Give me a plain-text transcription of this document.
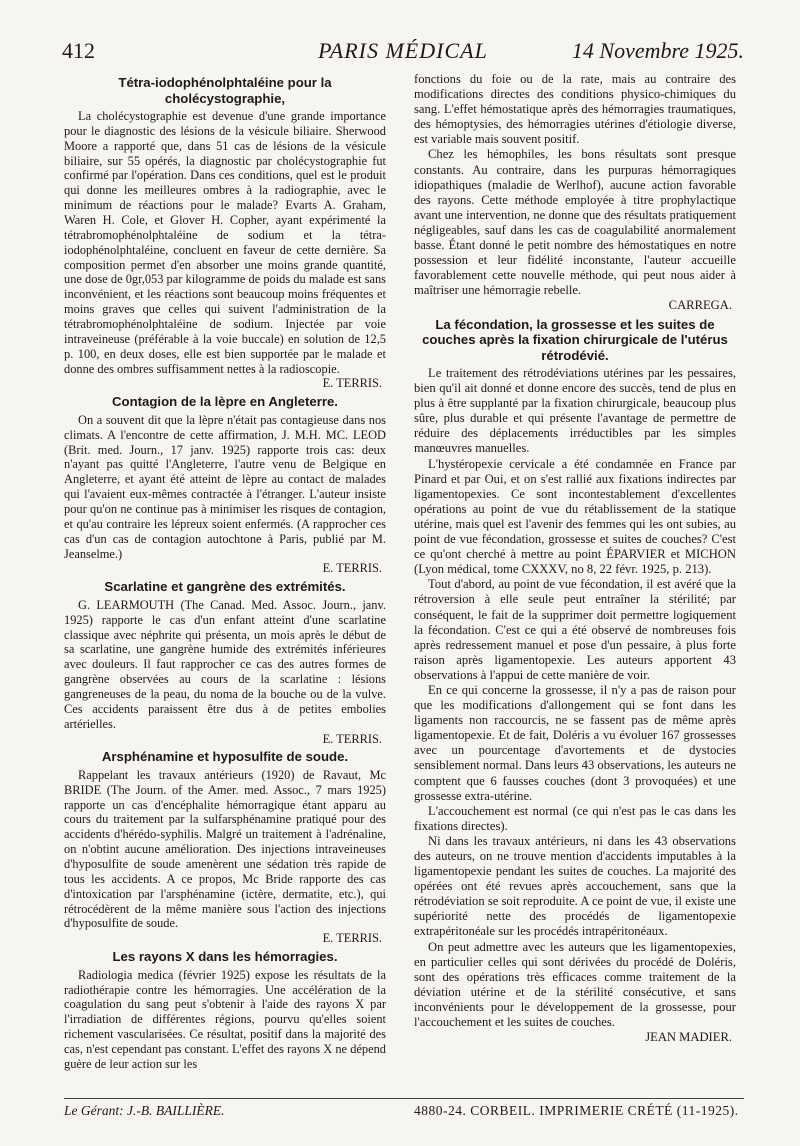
412	PARIS MÉDICAL	14 Novembre 1925.
Tétra-iodophénolphtaléine pour la cholécystographie,

La cholécystographie est devenue d'une grande importance pour le diagnostic des lésions de la vésicule biliaire. Sherwood Moore a rapporté que, dans 51 cas de lésions de la vésicule biliaire, sur 55 opérés, la diagnostic par cholécystographie fut confirmé par l'opération. Dans ces conditions, quel est le produit qui donne les meilleures ombres à la radiographie, avec le minimum de réactions pour le malade? Evarts A. Graham, Waren H. Cole, et Glover H. Copher, ayant expérimenté la tétrabromophénolphtaléine de sodium et la tétra-iodophénolphtaléine, concluent en faveur de cette dernière. Sa composition permet d'en absorber une moins grande quantité, une dose de 0gr,053 par kilogramme de poids du malade est sans inconvénient, et les réactions sont beaucoup moins fréquentes et moins graves que celles qui suivent l'administration de la tétrabromophénolphtaléine de sodium. Injectée par voie intraveineuse (préférable à la voie buccale) en solution de 12,5 p. 100, en deux doses, elle est bien supportée par le malade et donne des ombres suffisamment nettes à la radioscopie.

E. TERRIS.

Contagion de la lèpre en Angleterre.

On a souvent dit que la lèpre n'était pas contagieuse dans nos climats. A l'encontre de cette affirmation, J. M.H. MC. LEOD (Brit. med. Journ., 17 janv. 1925) rapporte trois cas: deux n'ayant pas quitté l'Angleterre, l'autre venu de Belgique en Angleterre, et ayant été atteint de lèpre au contact de malades qui l'avaient eux-mêmes contractée à l'étranger. L'auteur insiste pour qu'on ne continue pas à minimiser les risques de contagion, et qu'au contraire les lépreux soient enfermés. (A rapprocher ces cas d'un cas de contagion autochtone à Paris, publié par M. Jeanselme.)

E. TERRIS.

Scarlatine et gangrène des extrémités.

G. LEARMOUTH (The Canad. Med. Assoc. Journ., janv. 1925) rapporte le cas d'un enfant atteint d'une scarlatine classique avec néphrite qui présenta, un mois après le début de sa scarlatine, une gangrène humide des extrémités inférieures avec douleurs. Il faut rapprocher ce cas des autres formes de gangrène observées au cours de la scarlatine : lésions gangreneuses de la peau, du noma de la bouche ou de la vulve. Ces accidents paraissent être dus à de petites embolies artérielles.

E. TERRIS.

Arsphénamine et hyposulfite de soude.

Rappelant les travaux antérieurs (1920) de Ravaut, Mc BRIDE (The Journ. of the Amer. med. Assoc., 7 mars 1925) rapporte un cas d'encéphalite hémorragique étant apparu au cours du traitement par la sulfarsphénamine pratiqué pour des accidents d'hérédo-syphilis. Malgré un traitement à l'adrénaline, on n'obtint aucune amélioration. Des injections intraveineuses d'hyposulfite de soude amenèrent une sédation très rapide de tous les accidents. A ce propos, Mc Bride rapporte des cas d'intoxication par l'arsphénamine (ictère, dermatite, etc.), qui rétrocédèrent de la même manière sous l'action des injections d'hyposulfite de soude.

E. TERRIS.

Les rayons X dans les hémorragies.

Radiologia medica (février 1925) expose les résultats de la radiothérapie contre les hémorragies. Une accélération de la coagulation du sang peut s'obtenir à l'aide des rayons X par l'irradiation de différentes régions, pourvu qu'elles soient richement vascularisées. Ce résultat, positif dans la majorité des cas, n'est cependant pas constant. L'effet des rayons X ne dépend guère de leur action sur les

fonctions du foie ou de la rate, mais au contraire des modifications directes des conditions physico-chimiques du sang. L'effet hémostatique après des hémorragies traumatiques, des hémoptysies, des hémorragies utérines d'étiologie diverse, est variable mais souvent positif.

Chez les hémophiles, les bons résultats sont presque constants. Au contraire, dans les purpuras hémorragiques idiopathiques (maladie de Werlhof), aucune action favorable des rayons. Cette méthode employée à titre prophylactique avant une intervention, ne donne que des résultats pratiquement négligeables, sauf dans les cas de coagulabilité anormalement basse. Étant donné le petit nombre des hémostatiques en notre possession et leur fidélité inconstante, l'auteur accueille favorablement cette nouvelle méthode, qui peut nous aider à maîtriser une hémorragie rebelle.

CARREGA.

La fécondation, la grossesse et les suites de couches après la fixation chirurgicale de l'utérus rétrodévié.

Le traitement des rétrodéviations utérines par les pessaires, bien qu'il ait donné et donne encore des succès, tend de plus en plus à être supplanté par la fixation chirurgicale, beaucoup plus sûre, plus durable et qui présente l'avantage de permettre de réduire des déplacements irréductibles par les simples manœuvres manuelles.

L'hystéropexie cervicale a été condamnée en France par Pinard et par Oui, et on s'est rallié aux fixations indirectes par ligamentopexies. Ce sont incontestablement d'excellentes opérations au point de vue du rétablissement de la statique utérine, mais quel est l'avenir des femmes qui les ont subies, au point de vue fécondation, grossesse et suites de couches? C'est ce qu'ont cherché à mettre au point ÉPARVIER et MICHON (Lyon médical, tome CXXXV, no 8, 22 févr. 1925, p. 213).

Tout d'abord, au point de vue fécondation, il est avéré que la rétroversion à elle seule peut entraîner la stérilité; par conséquent, le fait de la supprimer doit permettre logiquement la fécondation. C'est ce qui a été observé de nombreuses fois après redressement manuel et pose d'un pessaire, à plus forte raison après ligamentopexie. Les auteurs apportent 43 observations à l'appui de cette manière de voir.

En ce qui concerne la grossesse, il n'y a pas de raison pour que les modifications d'allongement qui se font dans les ligaments non raccourcis, ne se fassent pas de même après ligamentopexie. Et de fait, Doléris a vu évoluer 167 grossesses avec un pourcentage d'avortements et de dystocies sensiblement normal. Dans leurs 43 observations, les auteurs ne comptent que 6 fausses couches (dont 3 provoquées) et une grossesse extra-utérine.

L'accouchement est normal (ce qui n'est pas le cas dans les fixations directes).

Ni dans les travaux antérieurs, ni dans les 43 observations des auteurs, on ne trouve mention d'accidents imputables à la ligamentopexie pendant les suites de couches. La majorité des opérées ont été revues après accouchement, sans que la rétrodéviation se soit reproduite. A ce point de vue, il existe une supériorité nette des procédés de ligamentopexie extrapéritonéale sur les procédés intrapéritonéaux.

On peut admettre avec les auteurs que les ligamentopexies, en particulier celles qui sont dérivées du procédé de Doléris, sont des opérations très efficaces comme traitement de la déviation utérine et de la stérilité consécutive, et sans inconvénients pour le développement de la grossesse, pour l'accouchement et les suites de couches.

JEAN MADIER.

Le Gérant: J.-B. BAILLIÈRE.	4880-24. CORBEIL. IMPRIMERIE CRÉTÉ (11-1925).
